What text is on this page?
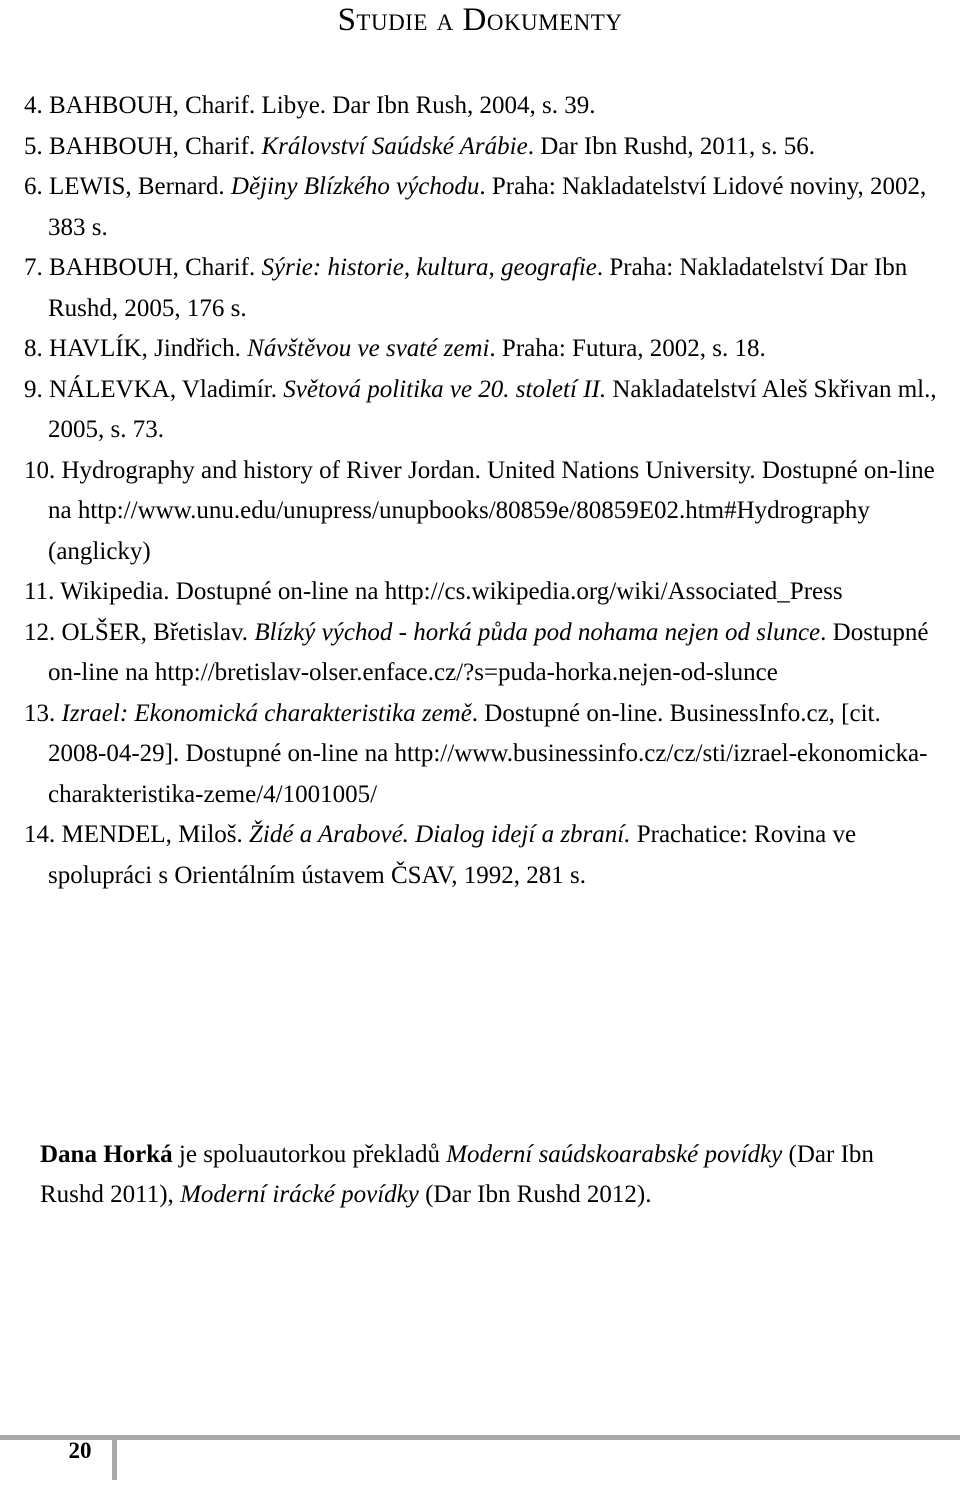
Studie a Dokumenty
4. BAHBOUH, Charif. Libye. Dar Ibn Rush, 2004, s. 39.
5. BAHBOUH, Charif. Království Saúdské Arábie. Dar Ibn Rushd, 2011, s. 56.
6. LEWIS, Bernard. Dějiny Blízkého východu. Praha: Nakladatelství Lidové noviny, 2002, 383 s.
7. BAHBOUH, Charif. Sýrie: historie, kultura, geografie. Praha: Nakladatelství Dar Ibn Rushd, 2005, 176 s.
8. HAVLÍK, Jindřich. Návštěvou ve svaté zemi. Praha: Futura, 2002, s. 18.
9. NÁLEVKA, Vladimír. Světová politika ve 20. století II. Nakladatelství Aleš Skřivan ml., 2005, s. 73.
10. Hydrography and history of River Jordan. United Nations University. Dostupné on-line na http://www.unu.edu/unupress/unupbooks/80859e/80859E02.htm#Hydrography (anglicky)
11. Wikipedia. Dostupné on-line na http://cs.wikipedia.org/wiki/Associated_Press
12. OLŠER, Břetislav. Blízký východ - horká půda pod nohama nejen od slunce. Dostupné on-line na http://bretislav-olser.enface.cz/?s=puda-horka.nejen-od-slunce
13. Izrael: Ekonomická charakteristika země. Dostupné on-line. BusinessInfo.cz, [cit. 2008-04-29]. Dostupné on-line na http://www.businessinfo.cz/cz/sti/izrael-ekonomicka-charakteristika-zeme/4/1001005/
14. MENDEL, Miloš. Židé a Arabové. Dialog idejí a zbraní. Prachatice: Rovina ve spolupráci s Orientálním ústavem ČSAV, 1992, 281 s.
Dana Horká je spoluautorkou překladů Moderní saúdskoarabské povídky (Dar Ibn Rushd 2011), Moderní irácké povídky (Dar Ibn Rushd 2012).
20
